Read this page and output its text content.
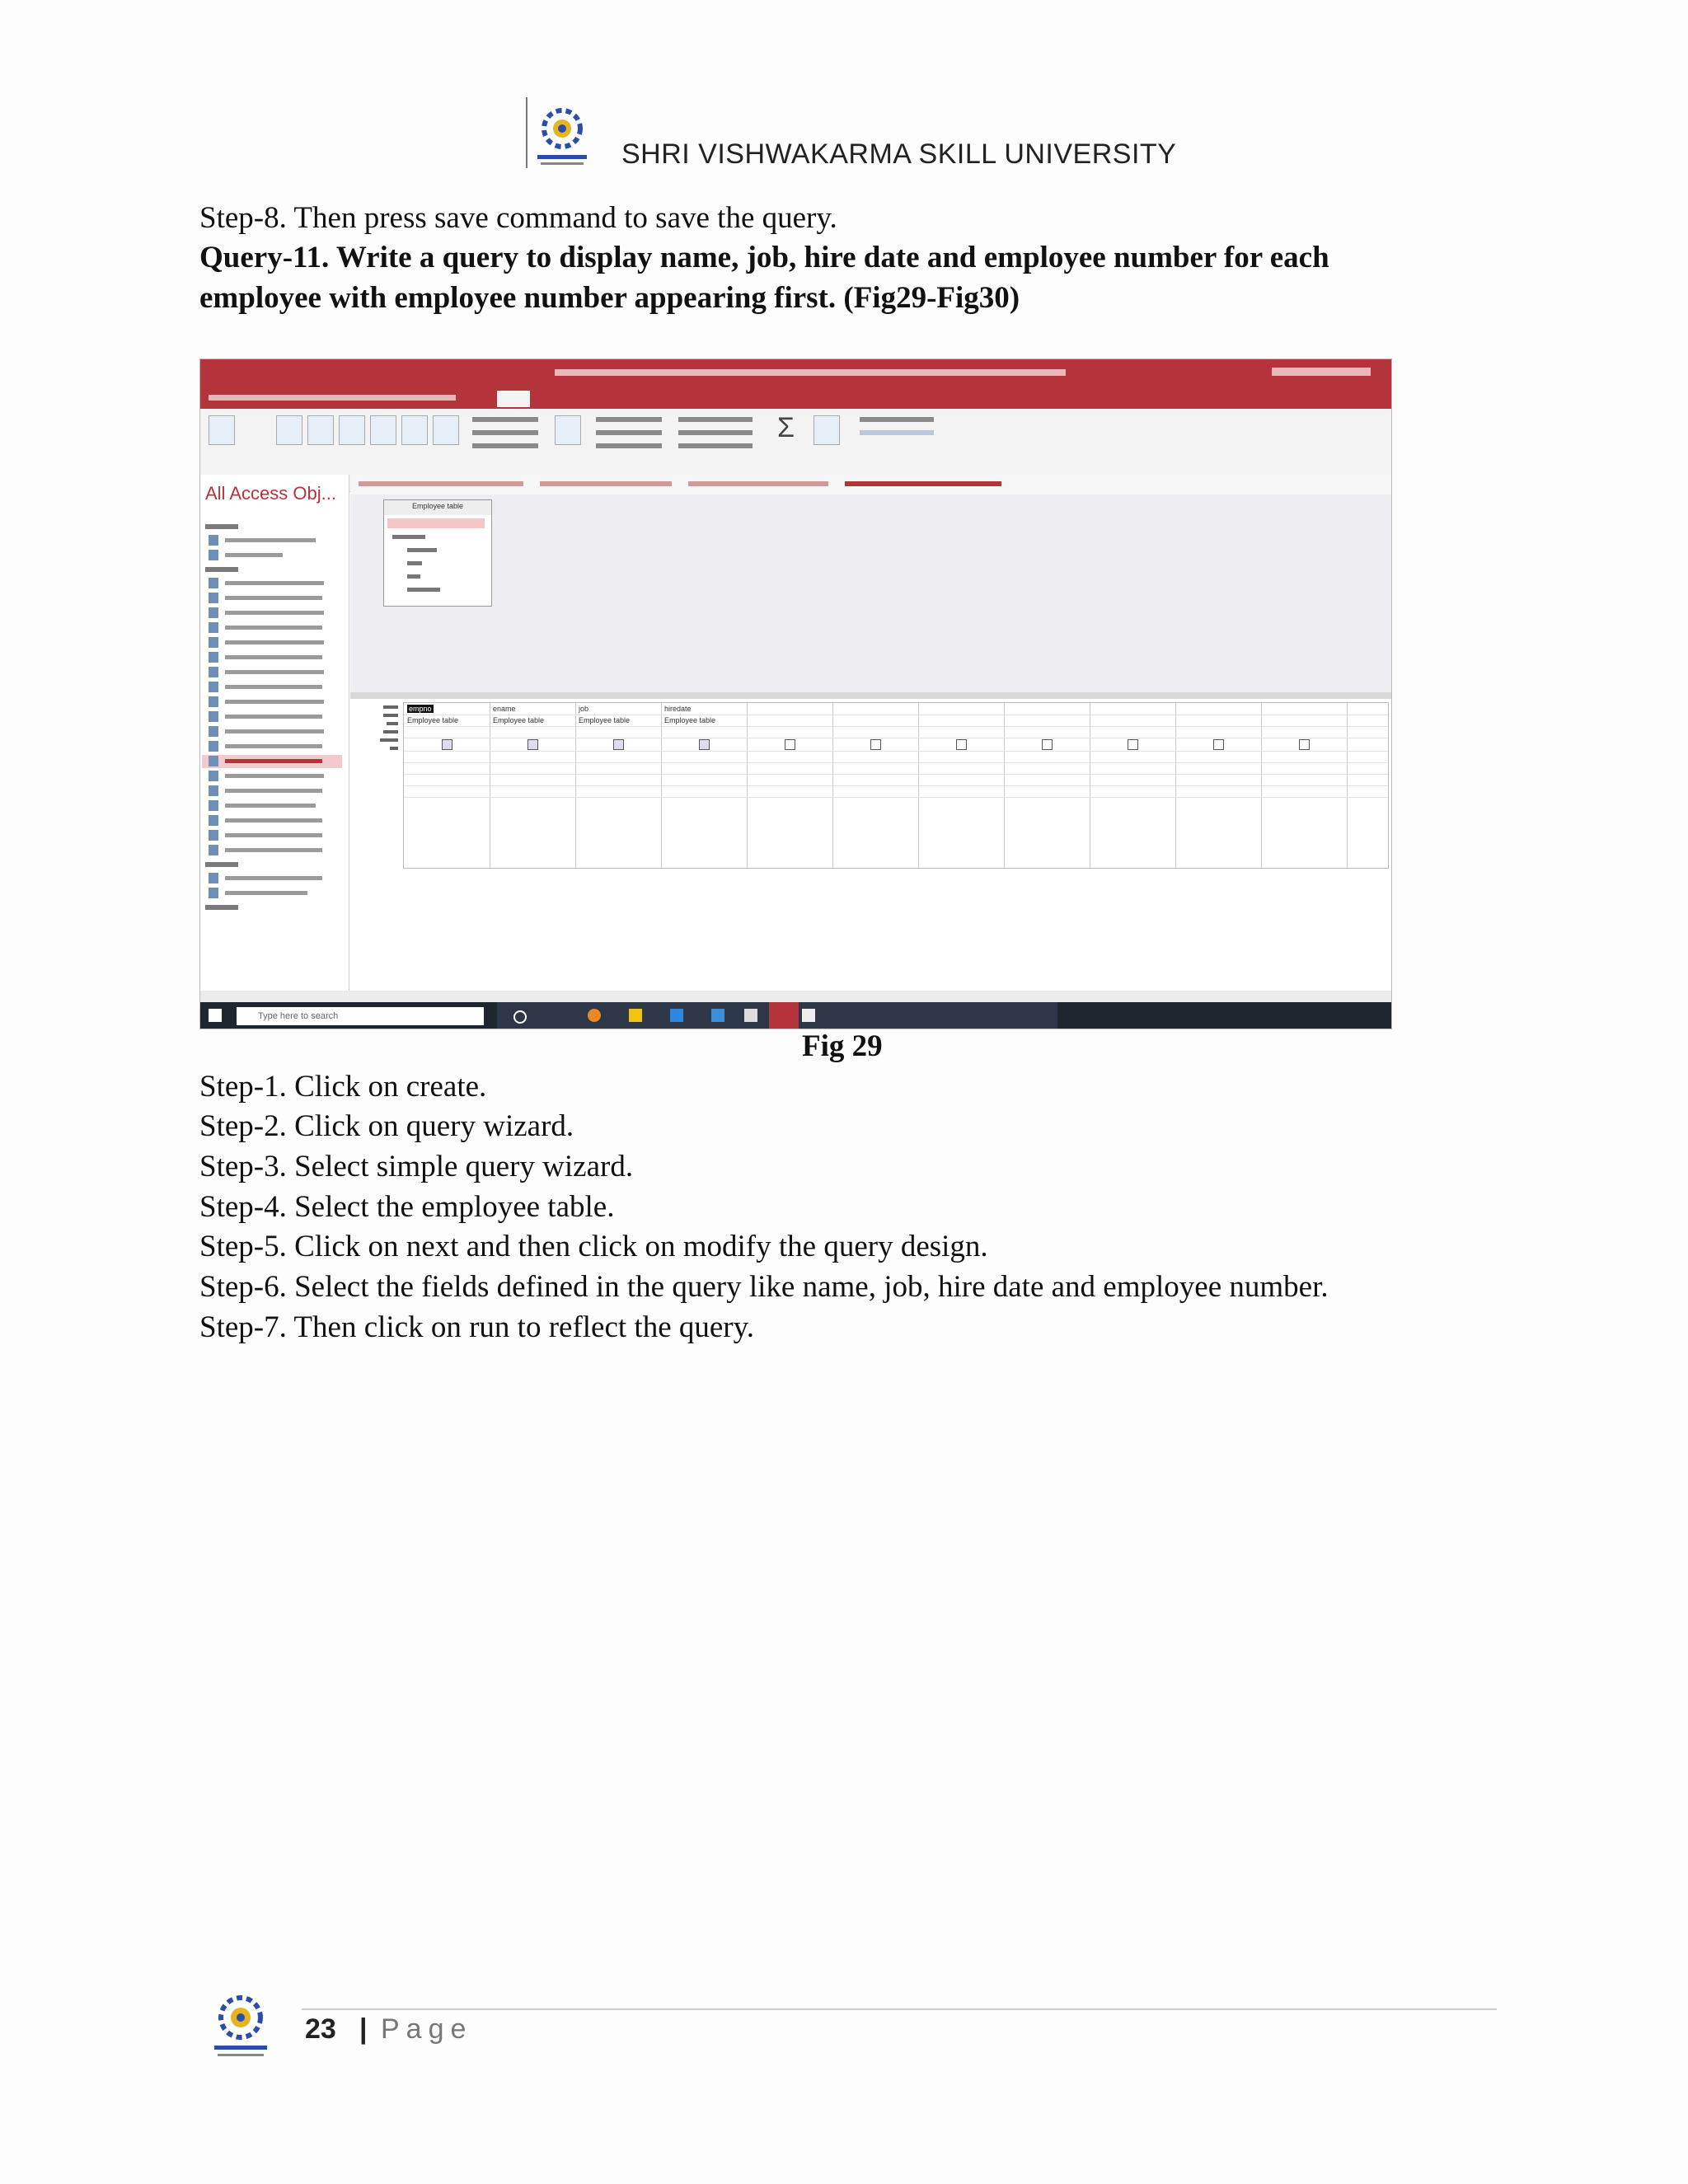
SHRI VISHWAKARMA SKILL UNIVERSITY
Step-8. Then press save command to save the query.
Query-11. Write a query to display name, job, hire date and employee number for each
employee with employee number appearing first. (Fig29-Fig30)
Σ
All Access Obj...
Employee table
empno	ename	job	hiredate
Employee table	Employee table	Employee table	Employee table
Type here to search
Fig 29
Step-1. Click on create.
Step-2. Click on query wizard.
Step-3. Select simple query wizard.
Step-4. Select the employee table.
Step-5. Click on next and then click on modify the query design.
Step-6. Select the fields defined in the query like name, job, hire date and employee number.
Step-7. Then click on run to reflect the query.
23 | Page
